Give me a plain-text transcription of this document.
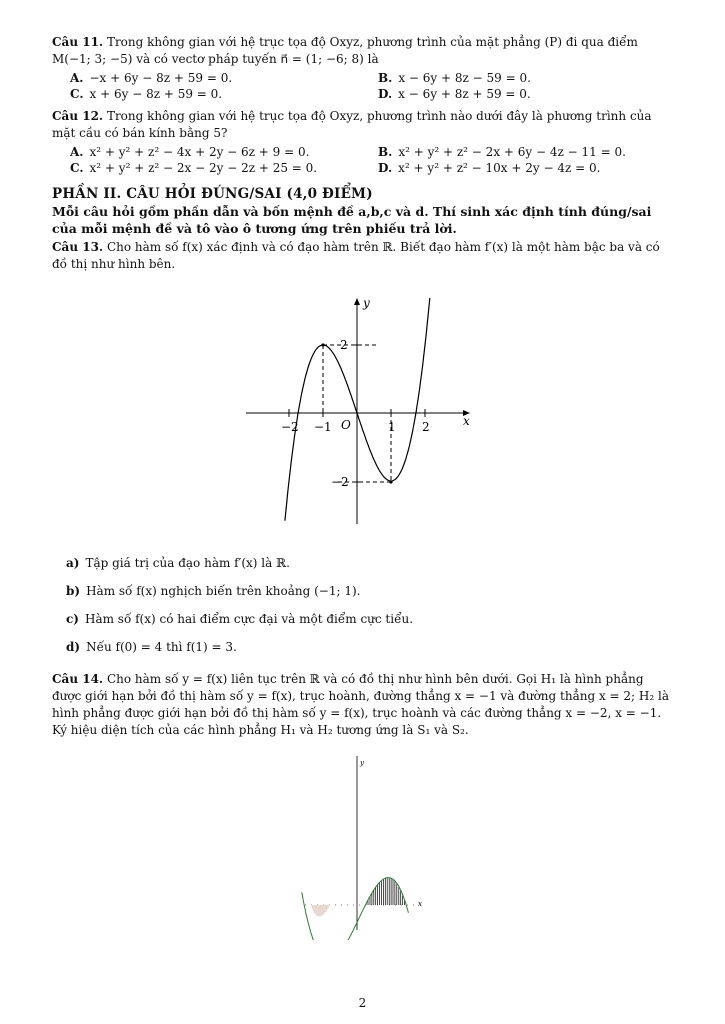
Câu 11. Trong không gian với hệ trục tọa độ Oxyz, phương trình của mặt phẳng (P) đi qua điểm M(−1; 3; −5) và có vectơ pháp tuyến n⃗ = (1; −6; 8) là

A. −x + 6y − 8z + 59 = 0.	B. x − 6y + 8z − 59 = 0.
C. x + 6y − 8z + 59 = 0.	D. x − 6y + 8z + 59 = 0.

Câu 12. Trong không gian với hệ trục tọa độ Oxyz, phương trình nào dưới đây là phương trình của mặt cầu có bán kính bằng 5?

A. x² + y² + z² − 4x + 2y − 6z + 9 = 0.	B. x² + y² + z² − 2x + 6y − 4z − 11 = 0.
C. x² + y² + z² − 2x − 2y − 2z + 25 = 0.	D. x² + y² + z² − 10x + 2y − 4z = 0.
PHẦN II. CÂU HỎI ĐÚNG/SAI (4,0 ĐIỂM)
Mỗi câu hỏi gồm phần dẫn và bốn mệnh đề a,b,c và d. Thí sinh xác định tính đúng/sai của mỗi mệnh đề và tô vào ô tương ứng trên phiếu trả lời.

Câu 13. Cho hàm số f(x) xác định và có đạo hàm trên ℝ. Biết đạo hàm f′(x) là một hàm bậc ba và có đồ thị như hình bên.

y
x
O
−2 −1	1 2
2
−2
a) Tập giá trị của đạo hàm f′(x) là ℝ.
b) Hàm số f(x) nghịch biến trên khoảng (−1; 1).
c) Hàm số f(x) có hai điểm cực đại và một điểm cực tiểu.
d) Nếu f(0) = 4 thì f(1) = 3.

Câu 14. Cho hàm số y = f(x) liên tục trên ℝ và có đồ thị như hình bên dưới. Gọi H₁ là hình phẳng được giới hạn bởi đồ thị hàm số y = f(x), trục hoành, đường thẳng x = −1 và đường thẳng x = 2; H₂ là hình phẳng được giới hạn bởi đồ thị hàm số y = f(x), trục hoành và các đường thẳng x = −2, x = −1. Ký hiệu diện tích của các hình phẳng H₁ và H₂ tương ứng là S₁ và S₂.

y
x
2
